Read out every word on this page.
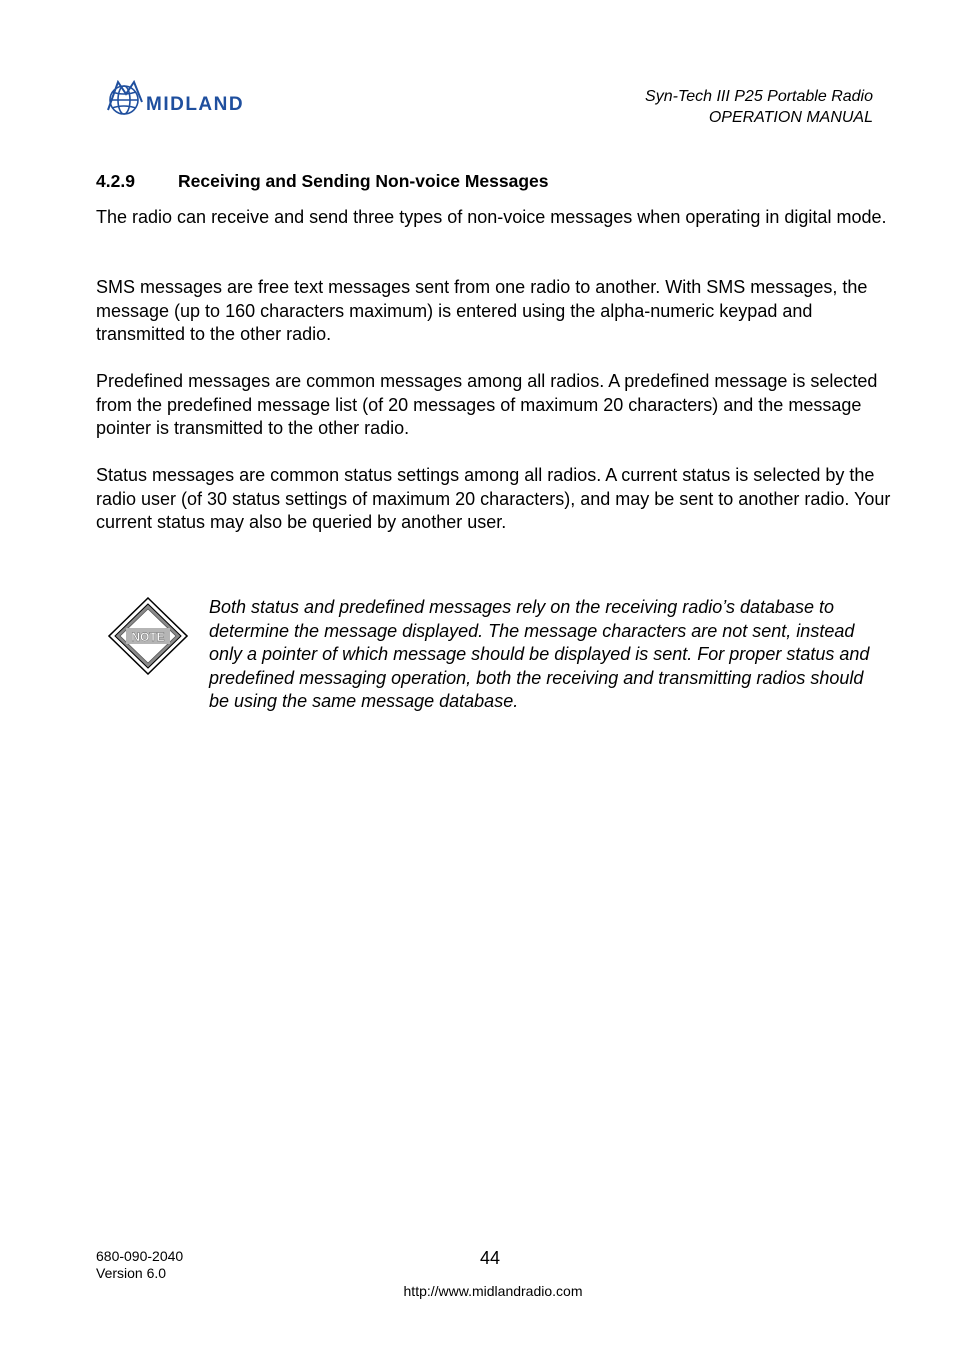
MIDLAND	Syn-Tech III P25 Portable Radio
OPERATION MANUAL
4.2.9 Receiving and Sending Non-voice Messages

The radio can receive and send three types of non-voice messages when operating in digital mode.

SMS messages are free text messages sent from one radio to another. With SMS messages, the message (up to 160 characters maximum) is entered using the alpha-numeric keypad and transmitted to the other radio.

Predefined messages are common messages among all radios. A predefined message is selected from the predefined message list (of 20 messages of maximum 20 characters) and the message pointer is transmitted to the other radio.

Status messages are common status settings among all radios. A current status is selected by the radio user (of 30 status settings of maximum 20 characters), and may be sent to another radio. Your current status may also be queried by another user.

NOTE

Both status and predefined messages rely on the receiving radio’s database to determine the message displayed. The message characters are not sent, instead only a pointer of which message should be displayed is sent. For proper status and predefined messaging operation, both the receiving and transmitting radios should be using the same message database.

680-090-2040
Version 6.0
44
http://www.midlandradio.com
